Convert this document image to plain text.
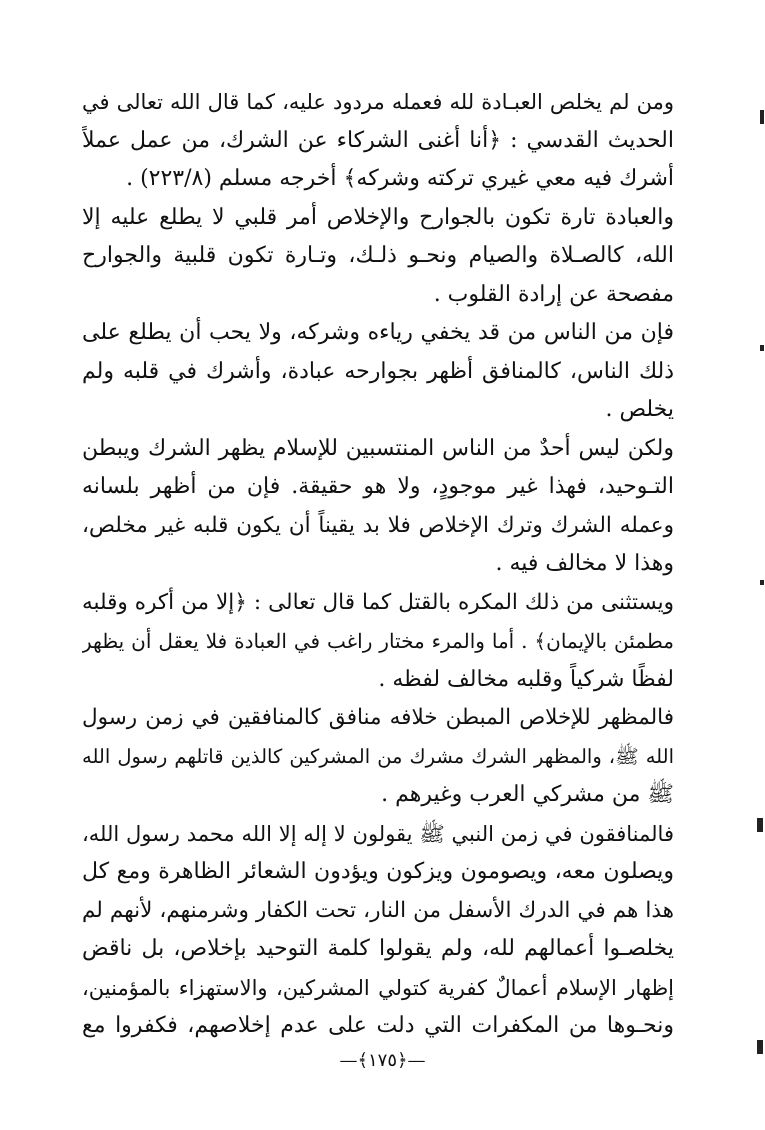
ومن لم يخلص العبـادة لله فعمله مردود عليه، كما قال الله تعالى في
الحديث القدسي : ﴿أنا أغنى الشركاء عن الشرك، من عمل عملاً
أشرك فيه معي غيري تركته وشركه﴾ أخرجه مسلم (٢٢٣/٨) .
والعبادة تارة تكون بالجوارح والإخلاص أمر قلبي لا يطلع عليه إلا
الله، كالصـلاة والصيام ونحـو ذلـك، وتـارة تكون قلبية والجوارح
مفصحة عن إرادة القلوب .
فإن من الناس من قد يخفي رياءه وشركه، ولا يحب أن يطلع على
ذلك الناس، كالمنافق أظهر بجوارحه عبادة، وأشرك في قلبه ولم
يخلص .
ولكن ليس أحدٌ من الناس المنتسبين للإسلام يظهر الشرك ويبطن
التـوحيد، فهذا غير موجودٍ، ولا هو حقيقة. فإن من أظهر بلسانه
وعمله الشرك وترك الإخلاص فلا بد يقيناً أن يكون قلبه غير مخلص،
وهذا لا مخالف فيه .
ويستثنى من ذلك المكره بالقتل كما قال تعالى : ﴿إلا من أكره وقلبه
مطمئن بالإيمان﴾ . أما والمرء مختار راغب في العبادة فلا يعقل أن يظهر
لفظًا شركياً وقلبه مخالف لفظه .
فالمظهر للإخلاص المبطن خلافه منافق كالمنافقين في زمن رسول
الله ﷺ، والمظهر الشرك مشرك من المشركين كالذين قاتلهم رسول الله
ﷺ من مشركي العرب وغيرهم .
فالمنافقون في زمن النبي ﷺ يقولون لا إله إلا الله محمد رسول الله،
ويصلون معه، ويصومون ويزكون ويؤدون الشعائر الظاهرة ومع كل
هذا هم في الدرك الأسفل من النار، تحت الكفار وشرمنهم، لأنهم لم
يخلصـوا أعمالهم لله، ولم يقولوا كلمة التوحيد بإخلاص، بل ناقض
إظهار الإسلام أعمالٌ كفرية كتولي المشركين، والاستهزاء بالمؤمنين،
ونحـوها من المكفرات التي دلت على عدم إخلاصهم، فكفروا مع
—﴿١٧٥﴾—
